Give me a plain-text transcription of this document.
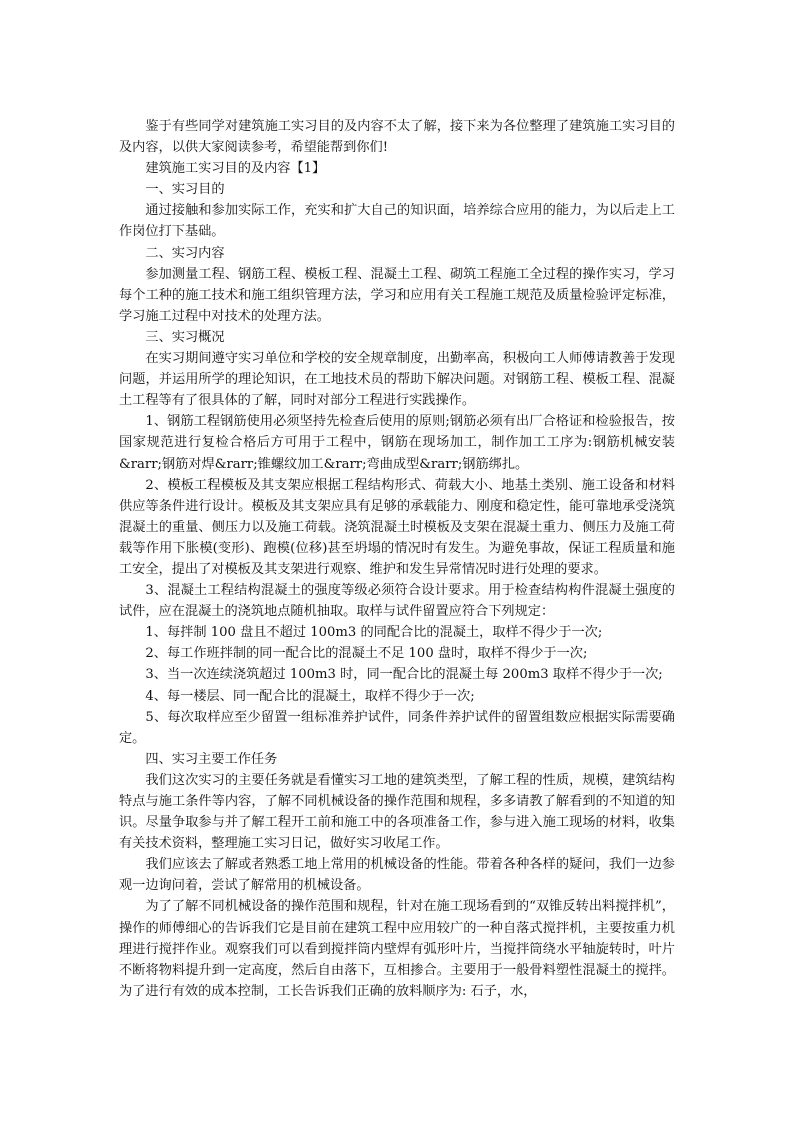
鉴于有些同学对建筑施工实习目的及内容不太了解，接下来为各位整理了建筑施工实习目的及内容，以供大家阅读参考，希望能帮到你们!

建筑施工实习目的及内容【1】

一、实习目的

通过接触和参加实际工作，充实和扩大自己的知识面，培养综合应用的能力，为以后走上工作岗位打下基础。

二、实习内容

参加测量工程、钢筋工程、模板工程、混凝土工程、砌筑工程施工全过程的操作实习，学习每个工种的施工技术和施工组织管理方法，学习和应用有关工程施工规范及质量检验评定标准，学习施工过程中对技术的处理方法。

三、实习概况

在实习期间遵守实习单位和学校的安全规章制度，出勤率高，积极向工人师傅请教善于发现问题，并运用所学的理论知识，在工地技术员的帮助下解决问题。对钢筋工程、模板工程、混凝土工程等有了很具体的了解，同时对部分工程进行实践操作。

1、钢筋工程钢筋使用必须坚持先检查后使用的原则;钢筋必须有出厂合格证和检验报告，按国家规范进行复检合格后方可用于工程中，钢筋在现场加工，制作加工工序为:钢筋机械安装&rarr;钢筋对焊&rarr;锥螺纹加工&rarr;弯曲成型&rarr;钢筋绑扎。

2、模板工程模板及其支架应根据工程结构形式、荷载大小、地基土类别、施工设备和材料供应等条件进行设计。模板及其支架应具有足够的承载能力、刚度和稳定性，能可靠地承受浇筑混凝土的重量、侧压力以及施工荷载。浇筑混凝土时模板及支架在混凝土重力、侧压力及施工荷载等作用下胀模(变形)、跑模(位移)甚至坍塌的情况时有发生。为避免事故，保证工程质量和施工安全，提出了对模板及其支架进行观察、维护和发生异常情况时进行处理的要求。

3、混凝土工程结构混凝土的强度等级必须符合设计要求。用于检查结构构件混凝土强度的试件，应在混凝土的浇筑地点随机抽取。取样与试件留置应符合下列规定：

1、每拌制 100 盘且不超过 100m3 的同配合比的混凝土，取样不得少于一次;

2、每工作班拌制的同一配合比的混凝土不足 100 盘时，取样不得少于一次;

3、当一次连续浇筑超过 100m3 时，同一配合比的混凝土每 200m3 取样不得少于一次;

4、每一楼层、同一配合比的混凝土，取样不得少于一次;

5、每次取样应至少留置一组标准养护试件，同条件养护试件的留置组数应根据实际需要确定。

四、实习主要工作任务

我们这次实习的主要任务就是看懂实习工地的建筑类型，了解工程的性质，规模，建筑结构特点与施工条件等内容，了解不同机械设备的操作范围和规程，多多请教了解看到的不知道的知识。尽量争取参与并了解工程开工前和施工中的各项准备工作，参与进入施工现场的材料，收集有关技术资料，整理施工实习日记，做好实习收尾工作。

我们应该去了解或者熟悉工地上常用的机械设备的性能。带着各种各样的疑问，我们一边参观一边询问着，尝试了解常用的机械设备。

为了了解不同机械设备的操作范围和规程，针对在施工现场看到的“双锥反转出料搅拌机”，操作的师傅细心的告诉我们它是目前在建筑工程中应用较广的一种自落式搅拌机，主要按重力机理进行搅拌作业。观察我们可以看到搅拌筒内壁焊有弧形叶片，当搅拌筒绕水平轴旋转时，叶片不断将物料提升到一定高度，然后自由落下，互相掺合。主要用于一般骨料塑性混凝土的搅拌。为了进行有效的成本控制，工长告诉我们正确的放料顺序为: 石子，水，
